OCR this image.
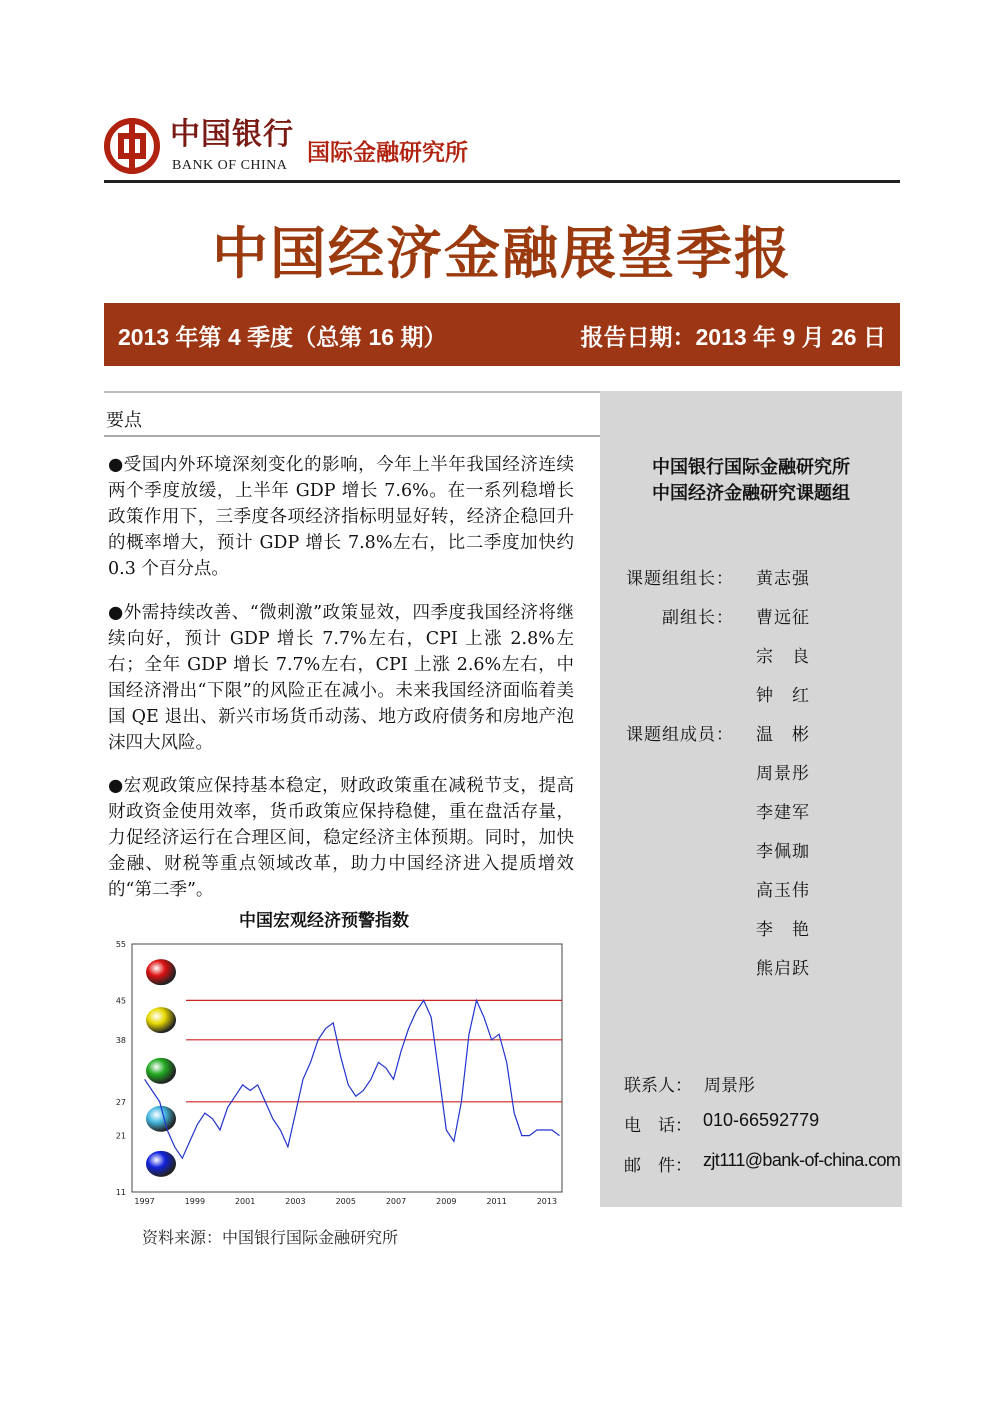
中国银行
BANK OF CHINA 国际金融研究所
中国经济金融展望季报
2013 年第 4 季度（总第 16 期）	报告日期：2013 年 9 月 26 日
要点

●受国内外环境深刻变化的影响，今年上半年我国经济连续两个季度放缓，上半年 GDP 增长 7.6%。在一系列稳增长政策作用下，三季度各项经济指标明显好转，经济企稳回升的概率增大，预计 GDP 增长 7.8%左右，比二季度加快约 0.3 个百分点。

●外需持续改善、“微刺激”政策显效，四季度我国经济将继续向好，预计 GDP 增长 7.7%左右，CPI 上涨 2.8%左右；全年 GDP 增长 7.7%左右，CPI 上涨 2.6%左右，中国经济滑出“下限”的风险正在减小。未来我国经济面临着美国 QE 退出、新兴市场货币动荡、地方政府债务和房地产泡沫四大风险。

●宏观政策应保持基本稳定，财政政策重在减税节支，提高财政资金使用效率，货币政策应保持稳健，重在盘活存量，力促经济运行在合理区间，稳定经济主体预期。同时，加快金融、财税等重点领域改革，助力中国经济进入提质增效的“第二季”。

中国宏观经济预警指数
55
45
38
27
21
11
1997	1999	2001	2003	2005	2007	2009	2011	2013
资料来源：中国银行国际金融研究所
中国银行国际金融研究所
中国经济金融研究课题组
课题组组长： 黄志强
副组长： 曹远征
宗　良
钟　红
课题组成员： 温　彬
周景彤
李建军
李佩珈
高玉伟
李　艳
熊启跃
联系人： 周景彤
电　话： 010-66592779
邮　件： zjt111@bank-of-china.com
